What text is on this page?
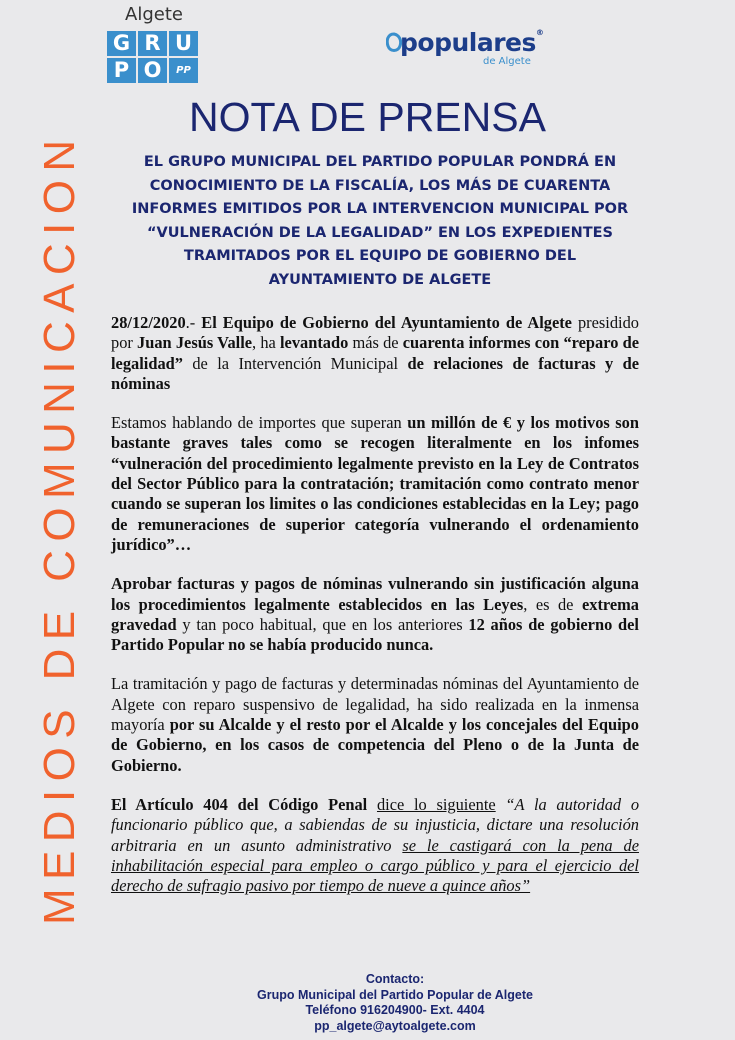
Algete
G R U
P O	PP
populares®
de Algete
NOTA DE PRENSA
MEDIOS DE COMUNICACION	EL GRUPO MUNICIPAL DEL PARTIDO POPULAR PONDRÁ EN
CONOCIMIENTO DE LA FISCALÍA, LOS MÁS DE CUARENTA
INFORMES EMITIDOS POR LA INTERVENCION MUNICIPAL POR
“VULNERACIÓN DE LA LEGALIDAD” EN LOS EXPEDIENTES
TRAMITADOS POR EL EQUIPO DE GOBIERNO DEL
AYUNTAMIENTO DE ALGETE

28/12/2020.- El Equipo de Gobierno del Ayuntamiento de Algete presidido por Juan Jesús Valle, ha levantado más de cuarenta informes con “reparo de legalidad” de la Intervención Municipal de relaciones de facturas y de nóminas

Estamos hablando de importes que superan un millón de € y los motivos son bastante graves tales como se recogen literalmente en los infomes “vulneración del procedimiento legalmente previsto en la Ley de Contratos del Sector Público para la contratación; tramitación como contrato menor cuando se superan los limites o las condiciones establecidas en la Ley; pago de remuneraciones de superior categoría vulnerando el ordenamiento jurídico”…

Aprobar facturas y pagos de nóminas vulnerando sin justificación alguna los procedimientos legalmente establecidos en las Leyes, es de extrema gravedad y tan poco habitual, que en los anteriores 12 años de gobierno del Partido Popular no se había producido nunca.

La tramitación y pago de facturas y determinadas nóminas del Ayuntamiento de Algete con reparo suspensivo de legalidad, ha sido realizada en la inmensa mayoría por su Alcalde y el resto por el Alcalde y los concejales del Equipo de Gobierno, en los casos de competencia del Pleno o de la Junta de Gobierno.

El Artículo 404 del Código Penal dice lo siguiente “A la autoridad o funcionario público que, a sabiendas de su injusticia, dictare una resolución arbitraria en un asunto administrativo se le castigará con la pena de inhabilitación especial para empleo o cargo público y para el ejercicio del derecho de sufragio pasivo por tiempo de nueve a quince años”

Contacto:
Grupo Municipal del Partido Popular de Algete
Teléfono 916204900- Ext. 4404
pp_algete@aytoalgete.com
